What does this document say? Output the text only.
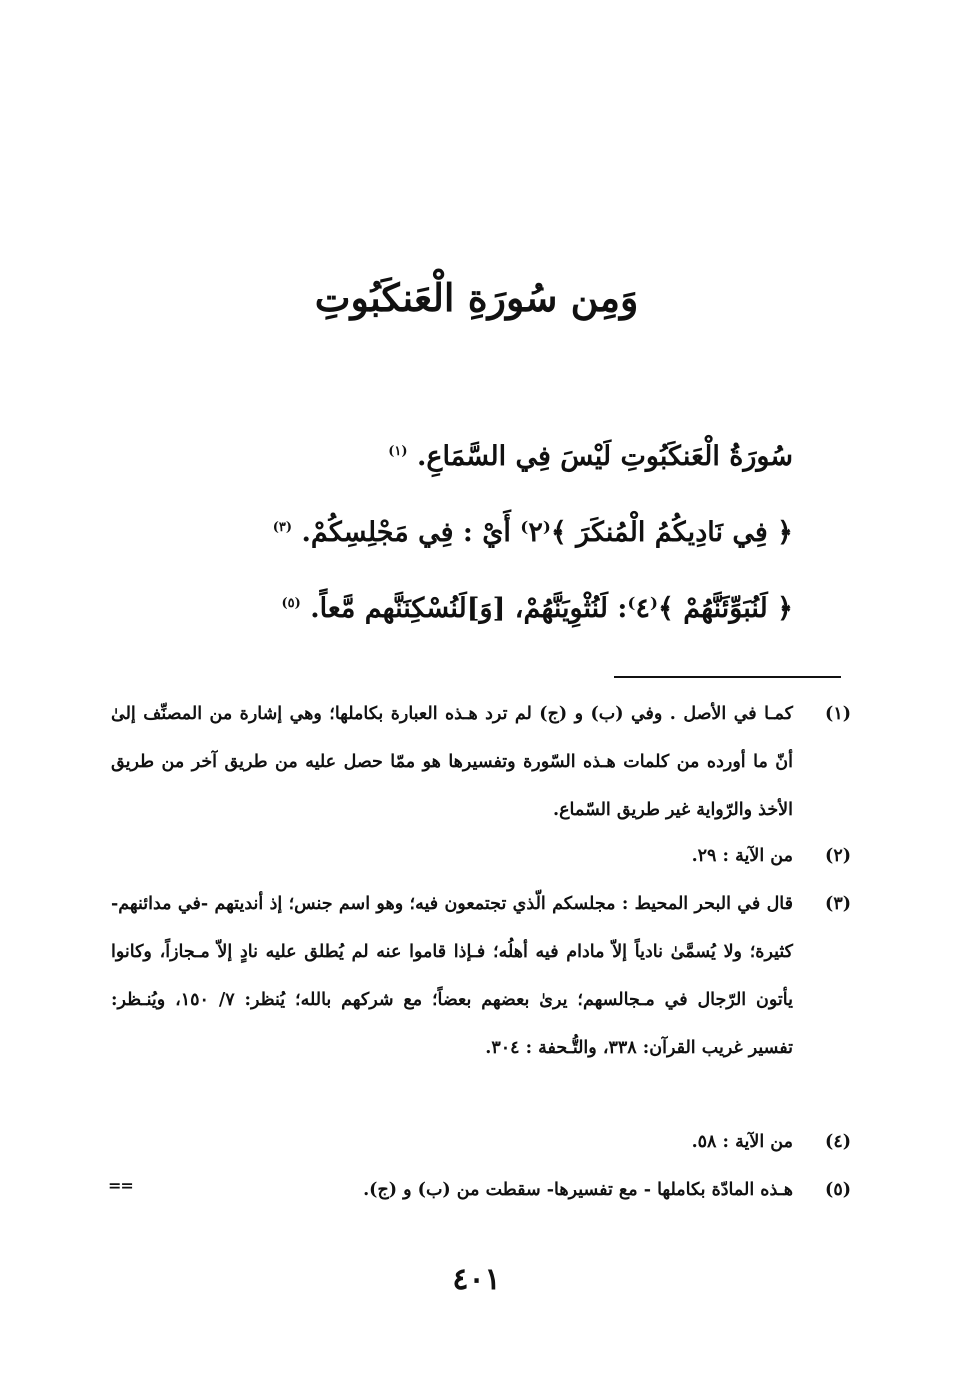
وَمِن سُورَةِ الْعَنكَبُوتِ
سُورَةُ الْعَنكَبُوتِ لَيْسَ فِي السَّمَاعِ. $^{(١)}$
﴿ فِي نَادِيكُمُ الْمُنكَرَ ﴾⁽٢⁾ أَيْ : فِي مَجْلِسِكُمْ. $^{(٣)}$
﴿ لَنُبَوِّئَنَّهُمْ ﴾⁽٤⁾: لَنُثْوِيَنَّهُمْ، [وَ]لَنُسْكِنَنَّهم مَّعاً. $^{(٥)}$
(١)
كمـا في الأصل . وفي (ب) و (ج) لم ترد هـذه العبارة بكاملها؛ وهي إشارة من المصنِّف إلىٰ أنّ ما أورده من كلمات هـذه السّورة وتفسيرها هو ممّا حصل عليه من طريق آخر من طريق الأخذ والرّواية غير طريق السّماع.
(٢)
من الآية : ٢٩.
(٣)
قال في البحر المحيط : مجلسكم الّذي تجتمعون فيه؛ وهو اسم جنس؛ إذ أنديتهم -في مدائنهم- كثيرة؛ ولا يُسمَّىٰ نادياً إلاّ مادام فيه أهلُه؛ فـإذا قاموا عنه لم يُطلق عليه نادٍ إلاّ مـجازاً، وكانوا يأتون الرّجال في مـجالسهم؛ يرىٰ بعضهم بعضاً؛ مع شركهم بالله؛ يُنظر: ٧/ ١٥٠، ويُنـظر: تفسير غريب القرآن: ٣٣٨، والتُّـحفة : ٣٠٤.
(٤)
من الآية : ٥٨.
(٥)
هـذه المادّة بكاملها - مع تفسيرها- سقطت من (ب) و (ج).
==
٤٠١
